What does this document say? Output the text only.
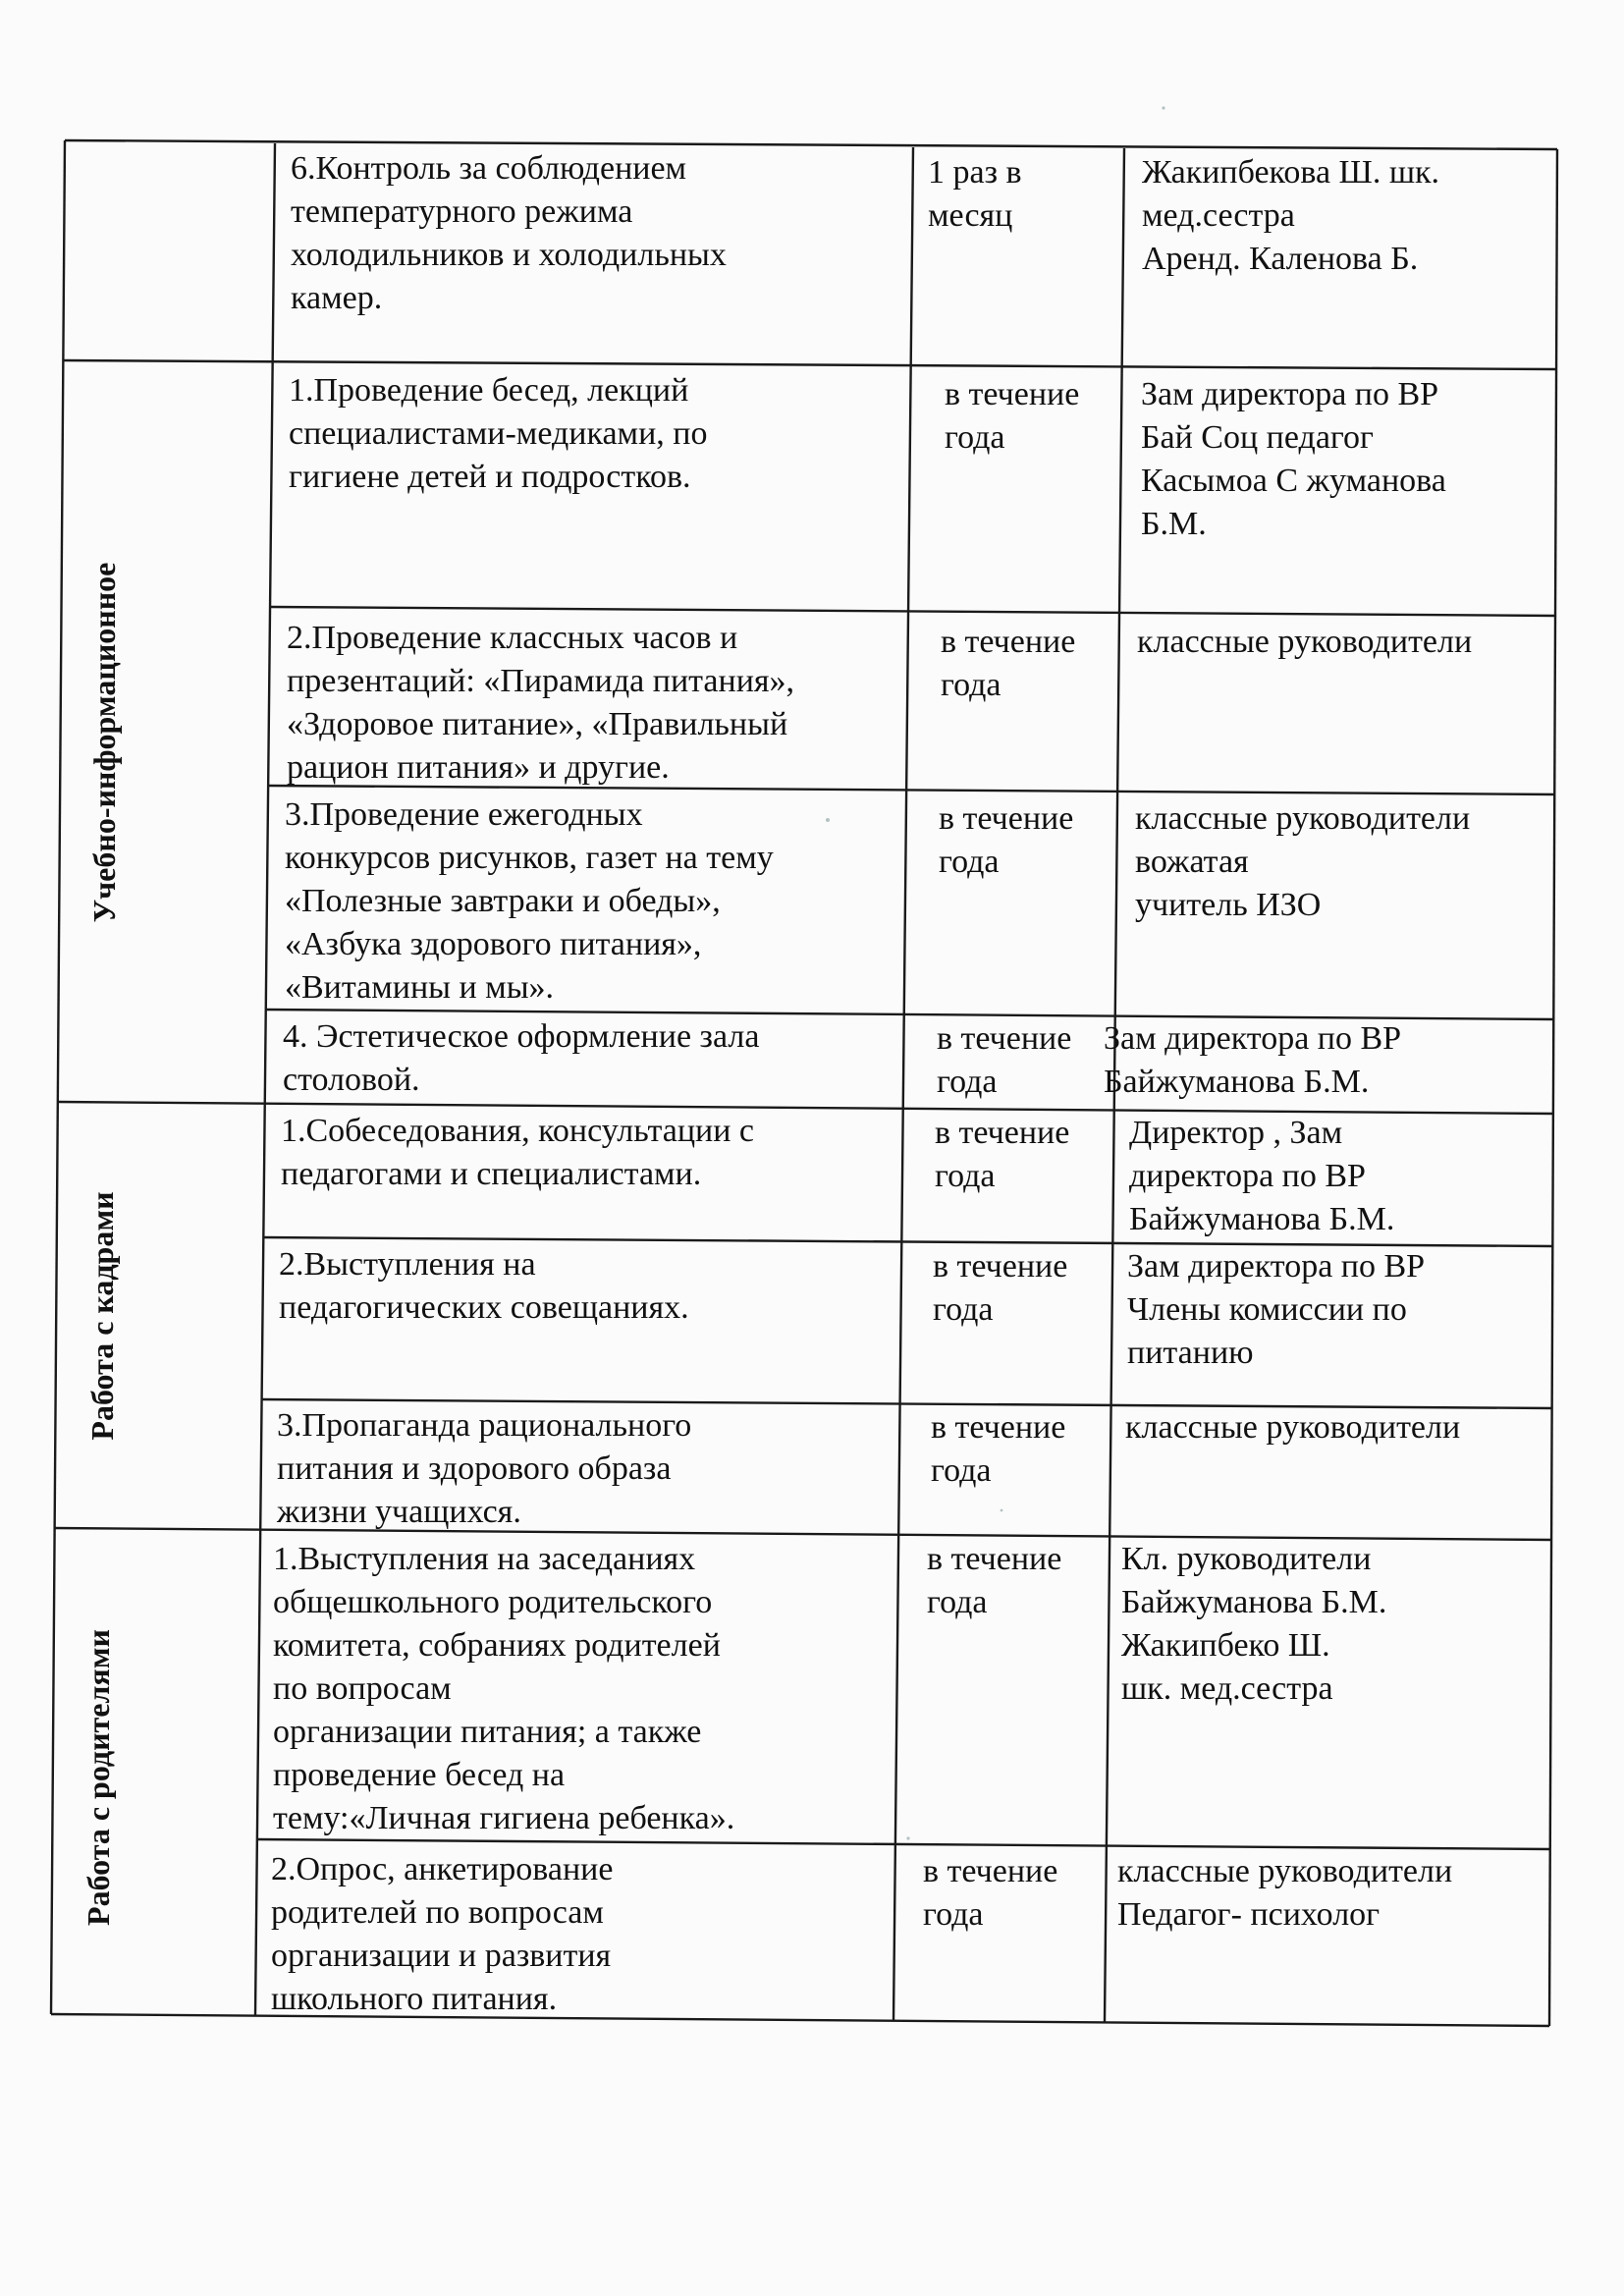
Учебно-информационное
Работа с кадрами
Работа с родителями
6.Контроль за соблюдением
температурного режима
холодильников и холодильных
камер.
1 раз в
месяц
Жакипбекова Ш. шк.
мед.сестра
Аренд. Каленова Б.
1.Проведение бесед, лекций
специалистами-медиками, по
гигиене детей и подростков.
в течение
года
Зам директора по ВР
Бай Соц педагог
Касымоа С жуманова
Б.М.
2.Проведение классных часов и
презентаций: «Пирамида питания»,
«Здоровое питание», «Правильный
рацион питания» и другие.
в течение
года
классные руководители
3.Проведение ежегодных
конкурсов рисунков, газет на тему
«Полезные завтраки и обеды»,
«Азбука здорового питания»,
«Витамины и мы».
в течение
года
классные руководители
вожатая
учитель ИЗО
4. Эстетическое оформление зала
столовой.
в течение
года
Зам директора по ВР
Байжуманова Б.М.
1.Собеседования, консультации с
педагогами и специалистами.
в течение
года
Директор , Зам
директора по ВР
Байжуманова Б.М.
2.Выступления на
педагогических совещаниях.
в течение
года
Зам директора по ВР
Члены комиссии по
питанию
3.Пропаганда рационального
питания и здорового образа
жизни учащихся.
в течение
года
классные руководители
1.Выступления на заседаниях
общешкольного родительского
комитета, собраниях родителей
по вопросам
организации питания; а также
проведение бесед на
тему:«Личная гигиена ребенка».
в течение
года
Кл. руководители
Байжуманова Б.М.
Жакипбеко Ш.
шк. мед.сестра
2.Опрос, анкетирование
родителей по вопросам
организации и развития
школьного питания.
в течение
года
классные руководители
Педагог- психолог
